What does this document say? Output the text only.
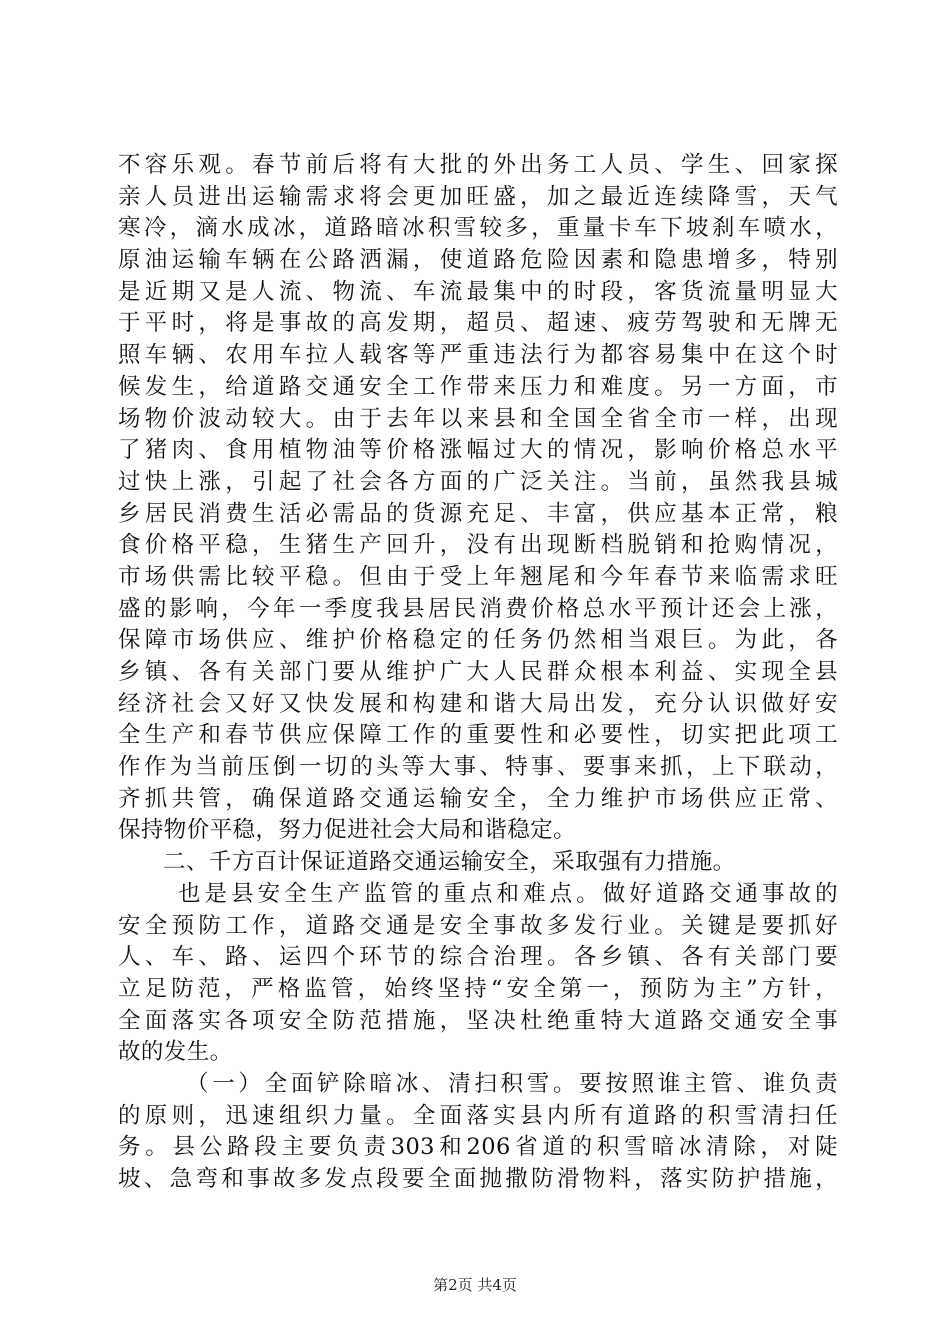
不容乐观。春节前后将有大批的外出务工人员、学生、回家探
亲人员进出运输需求将会更加旺盛，加之最近连续降雪，天气
寒冷，滴水成冰，道路暗冰积雪较多，重量卡车下坡刹车喷水，
原油运输车辆在公路洒漏，使道路危险因素和隐患增多，特别
是近期又是人流、物流、车流最集中的时段，客货流量明显大
于平时，将是事故的高发期，超员、超速、疲劳驾驶和无牌无
照车辆、农用车拉人载客等严重违法行为都容易集中在这个时
候发生，给道路交通安全工作带来压力和难度。另一方面，市
场物价波动较大。由于去年以来县和全国全省全市一样，出现
了猪肉、食用植物油等价格涨幅过大的情况，影响价格总水平
过快上涨，引起了社会各方面的广泛关注。当前，虽然我县城
乡居民消费生活必需品的货源充足、丰富，供应基本正常，粮
食价格平稳，生猪生产回升，没有出现断档脱销和抢购情况，
市场供需比较平稳。但由于受上年翘尾和今年春节来临需求旺
盛的影响，今年一季度我县居民消费价格总水平预计还会上涨，
保障市场供应、维护价格稳定的任务仍然相当艰巨。为此，各
乡镇、各有关部门要从维护广大人民群众根本利益、实现全县
经济社会又好又快发展和构建和谐大局出发，充分认识做好安
全生产和春节供应保障工作的重要性和必要性，切实把此项工
作作为当前压倒一切的头等大事、特事、要事来抓，上下联动，
齐抓共管，确保道路交通运输安全，全力维护市场供应正常、
保持物价平稳，努力促进社会大局和谐稳定。
二、千方百计保证道路交通运输安全，采取强有力措施。
也是县安全生产监管的重点和难点。做好道路交通事故的
安全预防工作，道路交通是安全事故多发行业。关键是要抓好
人、车、路、运四个环节的综合治理。各乡镇、各有关部门要
立足防范，严格监管，始终坚持“安全第一，预防为主”方针，
全面落实各项安全防范措施，坚决杜绝重特大道路交通安全事
故的发生。
（一）全面铲除暗冰、清扫积雪。要按照谁主管、谁负责
的原则，迅速组织力量。全面落实县内所有道路的积雪清扫任
务。县公路段主要负责303和206省道的积雪暗冰清除，对陡
坡、急弯和事故多发点段要全面抛撒防滑物料，落实防护措施，
第2页 共4页
